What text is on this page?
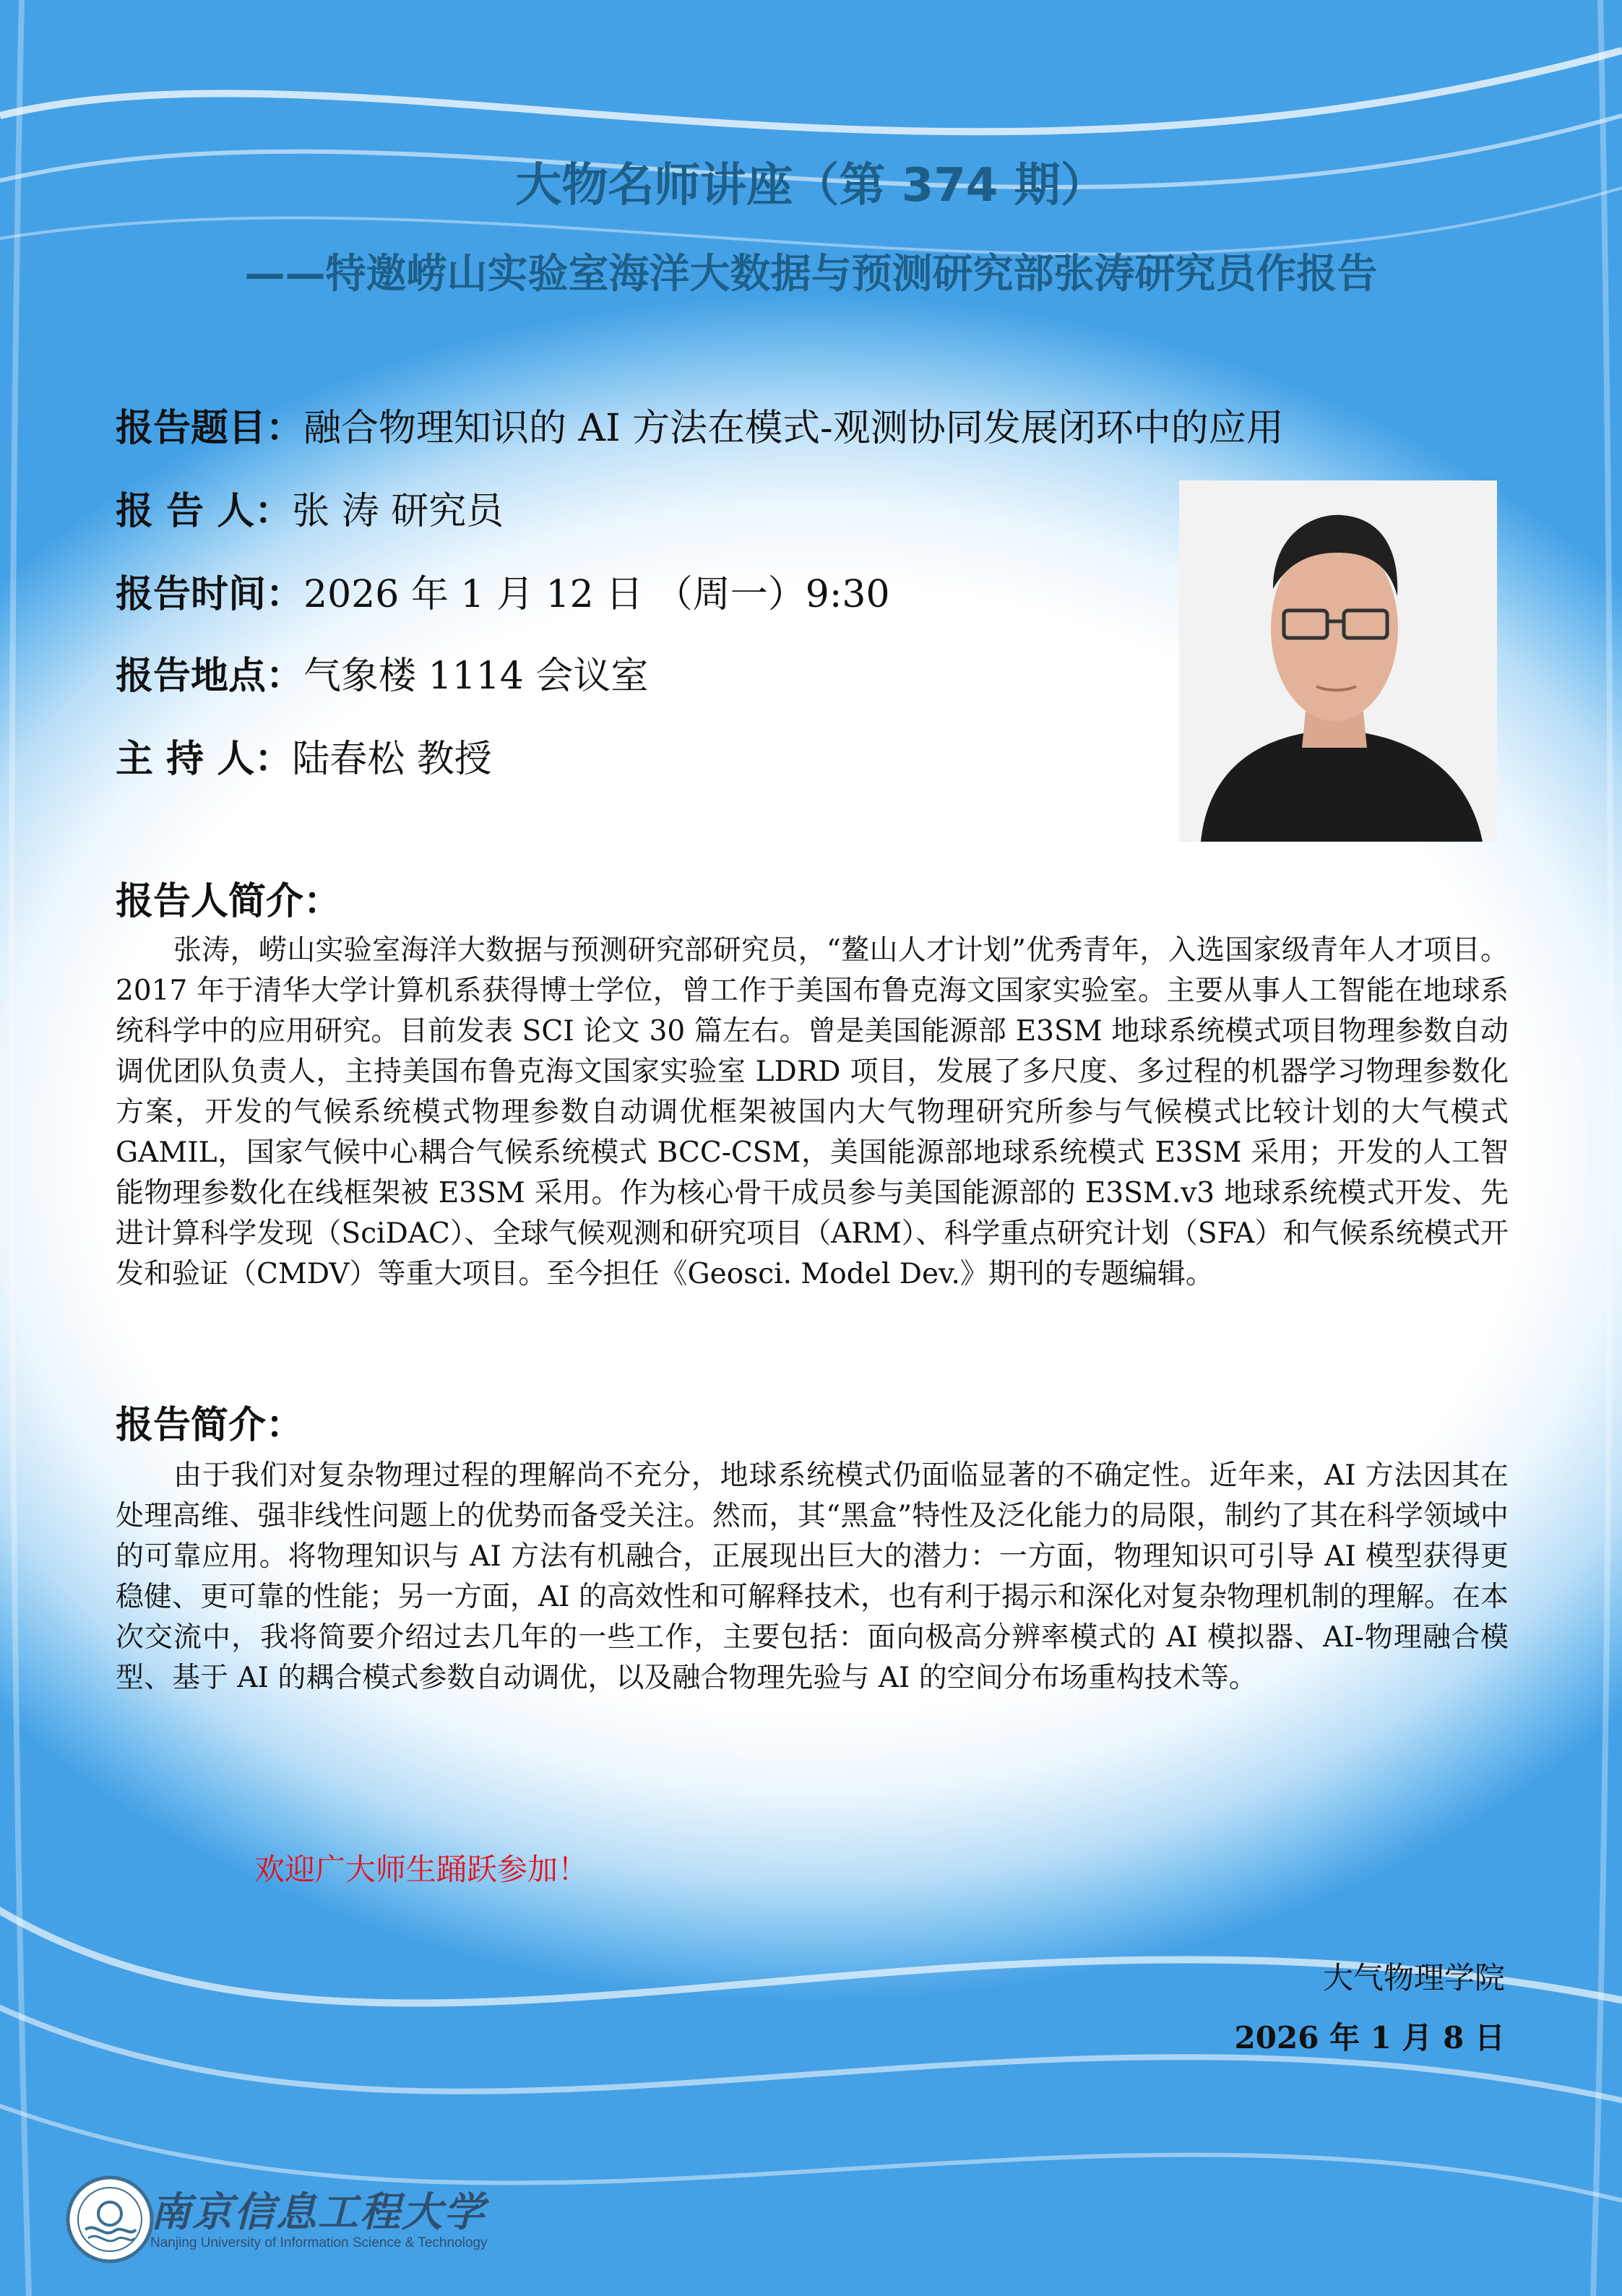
大物名师讲座（第 374 期）
——特邀崂山实验室海洋大数据与预测研究部张涛研究员作报告
报告题目：融合物理知识的 AI 方法在模式-观测协同发展闭环中的应用
报 告 人：张 涛 研究员
报告时间：2026 年 1 月 12 日 （周一）9:30
报告地点：气象楼 1114 会议室
主 持 人：陆春松 教授
报告人简介：

张涛，崂山实验室海洋大数据与预测研究部研究员，“鳌山人才计划”优秀青年，入选国家级青年人才项目。2017 年于清华大学计算机系获得博士学位，曾工作于美国布鲁克海文国家实验室。主要从事人工智能在地球系统科学中的应用研究。目前发表 SCI 论文 30 篇左右。曾是美国能源部 E3SM 地球系统模式项目物理参数自动调优团队负责人，主持美国布鲁克海文国家实验室 LDRD 项目，发展了多尺度、多过程的机器学习物理参数化方案，开发的气候系统模式物理参数自动调优框架被国内大气物理研究所参与气候模式比较计划的大气模式 GAMIL，国家气候中心耦合气候系统模式 BCC-CSM，美国能源部地球系统模式 E3SM 采用；开发的人工智能物理参数化在线框架被 E3SM 采用。作为核心骨干成员参与美国能源部的 E3SM.v3 地球系统模式开发、先进计算科学发现（SciDAC）、全球气候观测和研究项目（ARM）、科学重点研究计划（SFA）和气候系统模式开发和验证（CMDV）等重大项目。至今担任《Geosci. Model Dev.》期刊的专题编辑。

报告简介：

由于我们对复杂物理过程的理解尚不充分，地球系统模式仍面临显著的不确定性。近年来，AI 方法因其在处理高维、强非线性问题上的优势而备受关注。然而，其“黑盒”特性及泛化能力的局限，制约了其在科学领域中的可靠应用。将物理知识与 AI 方法有机融合，正展现出巨大的潜力：一方面，物理知识可引导 AI 模型获得更稳健、更可靠的性能；另一方面，AI 的高效性和可解释技术，也有利于揭示和深化对复杂物理机制的理解。在本次交流中，我将简要介绍过去几年的一些工作，主要包括：面向极高分辨率模式的 AI 模拟器、AI-物理融合模型、基于 AI 的耦合模式参数自动调优，以及融合物理先验与 AI 的空间分布场重构技术等。

欢迎广大师生踊跃参加！
大气物理学院
2026 年 1 月 8 日
南京信息工程大学
Nanjing University of Information Science & Technology
